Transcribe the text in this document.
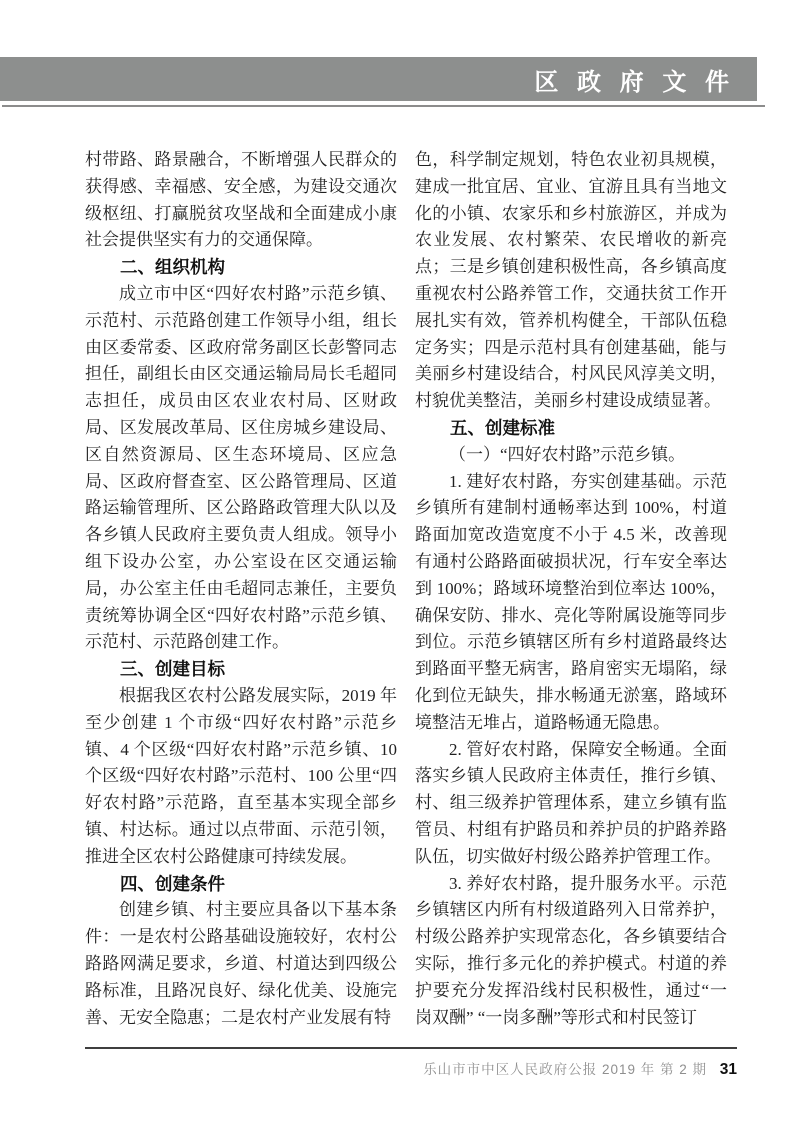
区 政 府 文 件

村带路、路景融合，不断增强人民群众的获得感、幸福感、安全感，为建设交通次级枢纽、打赢脱贫攻坚战和全面建成小康社会提供坚实有力的交通保障。

二、组织机构

成立市中区“四好农村路”示范乡镇、示范村、示范路创建工作领导小组，组长由区委常委、区政府常务副区长彭警同志担任，副组长由区交通运输局局长毛超同志担任，成员由区农业农村局、区财政局、区发展改革局、区住房城乡建设局、区自然资源局、区生态环境局、区应急局、区政府督查室、区公路管理局、区道路运输管理所、区公路路政管理大队以及各乡镇人民政府主要负责人组成。领导小组下设办公室，办公室设在区交通运输局，办公室主任由毛超同志兼任，主要负责统筹协调全区“四好农村路”示范乡镇、示范村、示范路创建工作。

三、创建目标

根据我区农村公路发展实际，2019 年至少创建 1 个市级“四好农村路”示范乡镇、4 个区级“四好农村路”示范乡镇、10 个区级“四好农村路”示范村、100 公里“四好农村路”示范路，直至基本实现全部乡镇、村达标。通过以点带面、示范引领，推进全区农村公路健康可持续发展。

四、创建条件

创建乡镇、村主要应具备以下基本条件：一是农村公路基础设施较好，农村公路路网满足要求，乡道、村道达到四级公路标准，且路况良好、绿化优美、设施完善、无安全隐惠；二是农村产业发展有特

色，科学制定规划，特色农业初具规模，建成一批宜居、宜业、宜游且具有当地文化的小镇、农家乐和乡村旅游区，并成为农业发展、农村繁荣、农民增收的新亮点；三是乡镇创建积极性高，各乡镇高度重视农村公路养管工作，交通扶贫工作开展扎实有效，管养机构健全，干部队伍稳定务实；四是示范村具有创建基础，能与美丽乡村建设结合，村风民风淳美文明，村貌优美整洁，美丽乡村建设成绩显著。

五、创建标准

（一）“四好农村路”示范乡镇。

1. 建好农村路，夯实创建基础。示范乡镇所有建制村通畅率达到 100%，村道路面加宽改造宽度不小于 4.5 米，改善现有通村公路路面破损状况，行车安全率达到 100%；路域环境整治到位率达 100%，确保安防、排水、亮化等附属设施等同步到位。示范乡镇辖区所有乡村道路最终达到路面平整无病害，路肩密实无塌陷，绿化到位无缺失，排水畅通无淤塞，路域环境整洁无堆占，道路畅通无隐患。

2. 管好农村路，保障安全畅通。全面落实乡镇人民政府主体责任，推行乡镇、村、组三级养护管理体系，建立乡镇有监管员、村组有护路员和养护员的护路养路队伍，切实做好村级公路养护管理工作。

3. 养好农村路，提升服务水平。示范乡镇辖区内所有村级道路列入日常养护，村级公路养护实现常态化，各乡镇要结合实际，推行多元化的养护模式。村道的养护要充分发挥沿线村民积极性，通过“一岗双酬” “一岗多酬”等形式和村民签订

乐山市市中区人民政府公报 2019 年 第 2 期 31
